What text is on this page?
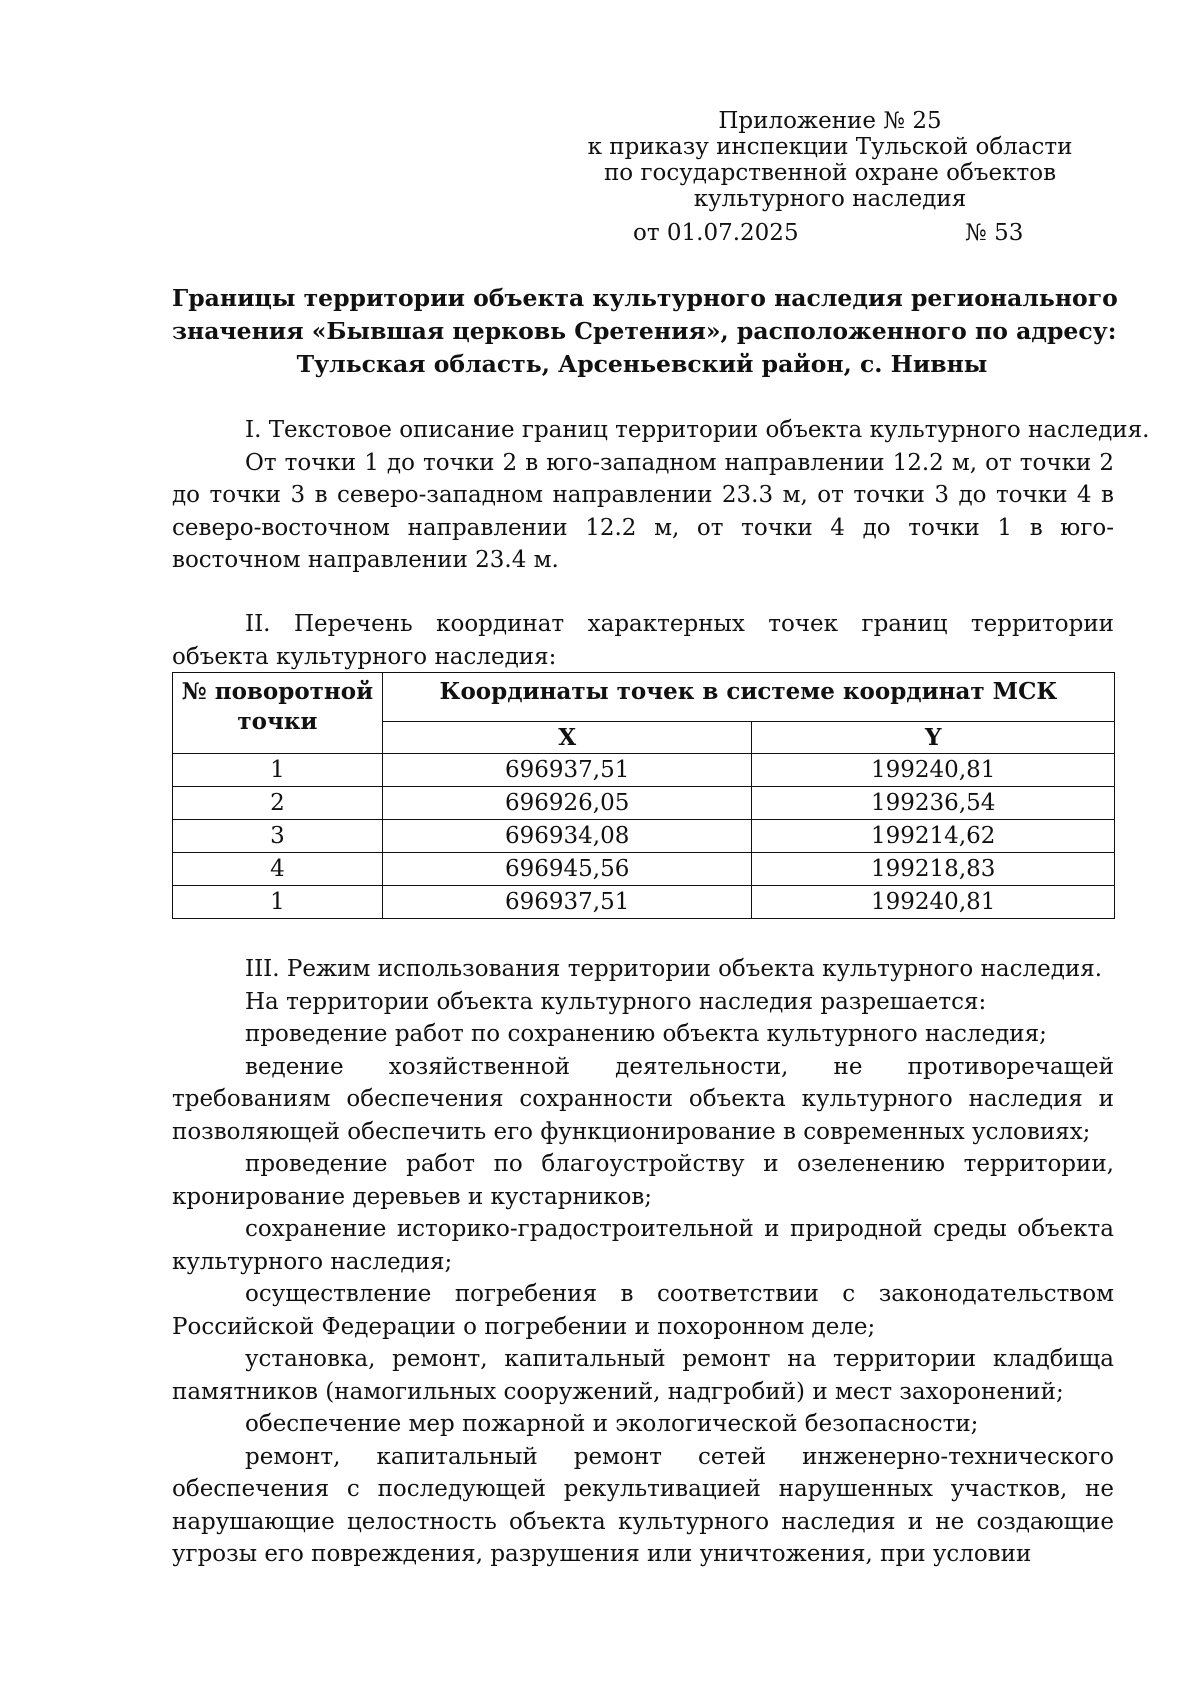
Приложение № 25
к приказу инспекции Тульской области
по государственной охране объектов
культурного наследия
от 01.07.2025	№ 53
Границы территории объекта культурного наследия регионального
значения «Бывшая церковь Сретения», расположенного по адресу:
Тульская область, Арсеньевский район, с. Нивны

I. Текстовое описание границ территории объекта культурного наследия.

От точки 1 до точки 2 в юго-западном направлении 12.2 м, от точки 2 до точки 3 в северо-западном направлении 23.3 м, от точки 3 до точки 4 в северо-восточном направлении 12.2 м, от точки 4 до точки 1 в юго-восточном направлении 23.4 м.

II. Перечень координат характерных точек границ территории объекта культурного наследия:

№ поворотной точки	Координаты точек в системе координат МСК	
	X	Y
1	696937,51	199240,81
2	696926,05	199236,54
3	696934,08	199214,62
4	696945,56	199218,83
1	696937,51	199240,81

III. Режим использования территории объекта культурного наследия.

На территории объекта культурного наследия разрешается:

проведение работ по сохранению объекта культурного наследия;

ведение хозяйственной деятельности, не противоречащей требованиям обеспечения сохранности объекта культурного наследия и позволяющей обеспечить его функционирование в современных условиях;

проведение работ по благоустройству и озеленению территории, кронирование деревьев и кустарников;

сохранение историко-градостроительной и природной среды объекта культурного наследия;

осуществление погребения в соответствии с законодательством Российской Федерации о погребении и похоронном деле;

установка, ремонт, капитальный ремонт на территории кладбища памятников (намогильных сооружений, надгробий) и мест захоронений;

обеспечение мер пожарной и экологической безопасности;

ремонт, капитальный ремонт сетей инженерно-технического обеспечения с последующей рекультивацией нарушенных участков, не нарушающие целостность объекта культурного наследия и не создающие угрозы его повреждения, разрушения или уничтожения, при условии
